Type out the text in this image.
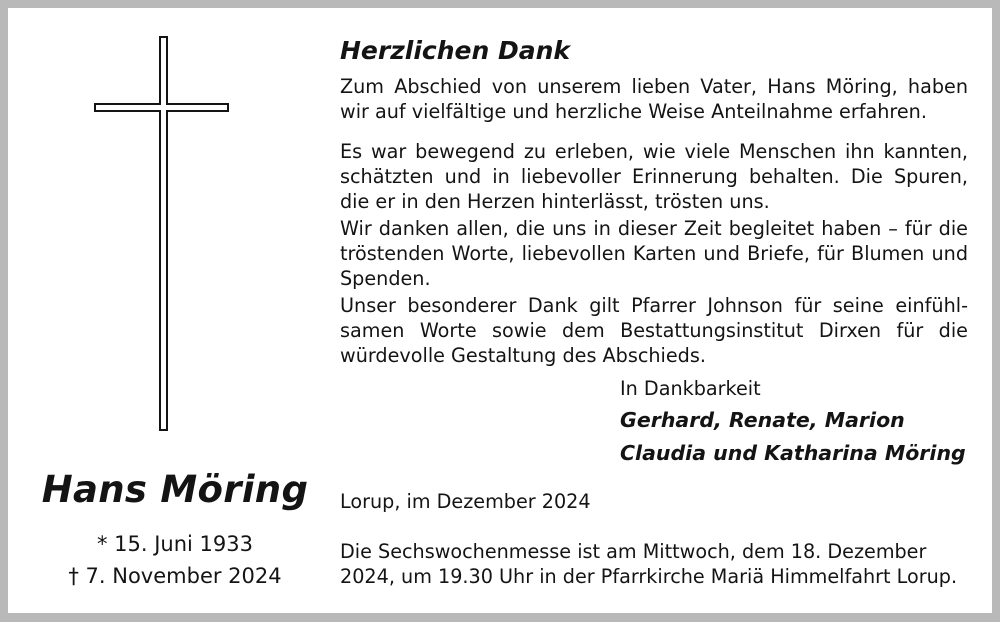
Hans Möring
* 15. Juni 1933
† 7. November 2024
Herzlichen Dank
Zum Abschied von unserem lieben Vater, Hans Möring, haben wir auf vielfältige und herzliche Weise Anteilnahme erfahren.
Es war bewegend zu erleben, wie viele Menschen ihn kannten, schätzten und in liebevoller Erinnerung behalten. Die Spuren, die er in den Herzen hinterlässt, trösten uns.
Wir danken allen, die uns in dieser Zeit begleitet haben – für die tröstenden Worte, liebevollen Karten und Briefe, für Blumen und Spenden.
Unser besonderer Dank gilt Pfarrer Johnson für seine einfühlsamen Worte sowie dem Bestattungsinstitut Dirxen für die würdevolle Gestaltung des Abschieds.
In Dankbarkeit
Gerhard, Renate, Marion
Claudia und Katharina Möring
Lorup, im Dezember 2024
Die Sechswochenmesse ist am Mittwoch, dem 18. Dezember 2024, um 19.30 Uhr in der Pfarrkirche Mariä Himmelfahrt Lorup.
